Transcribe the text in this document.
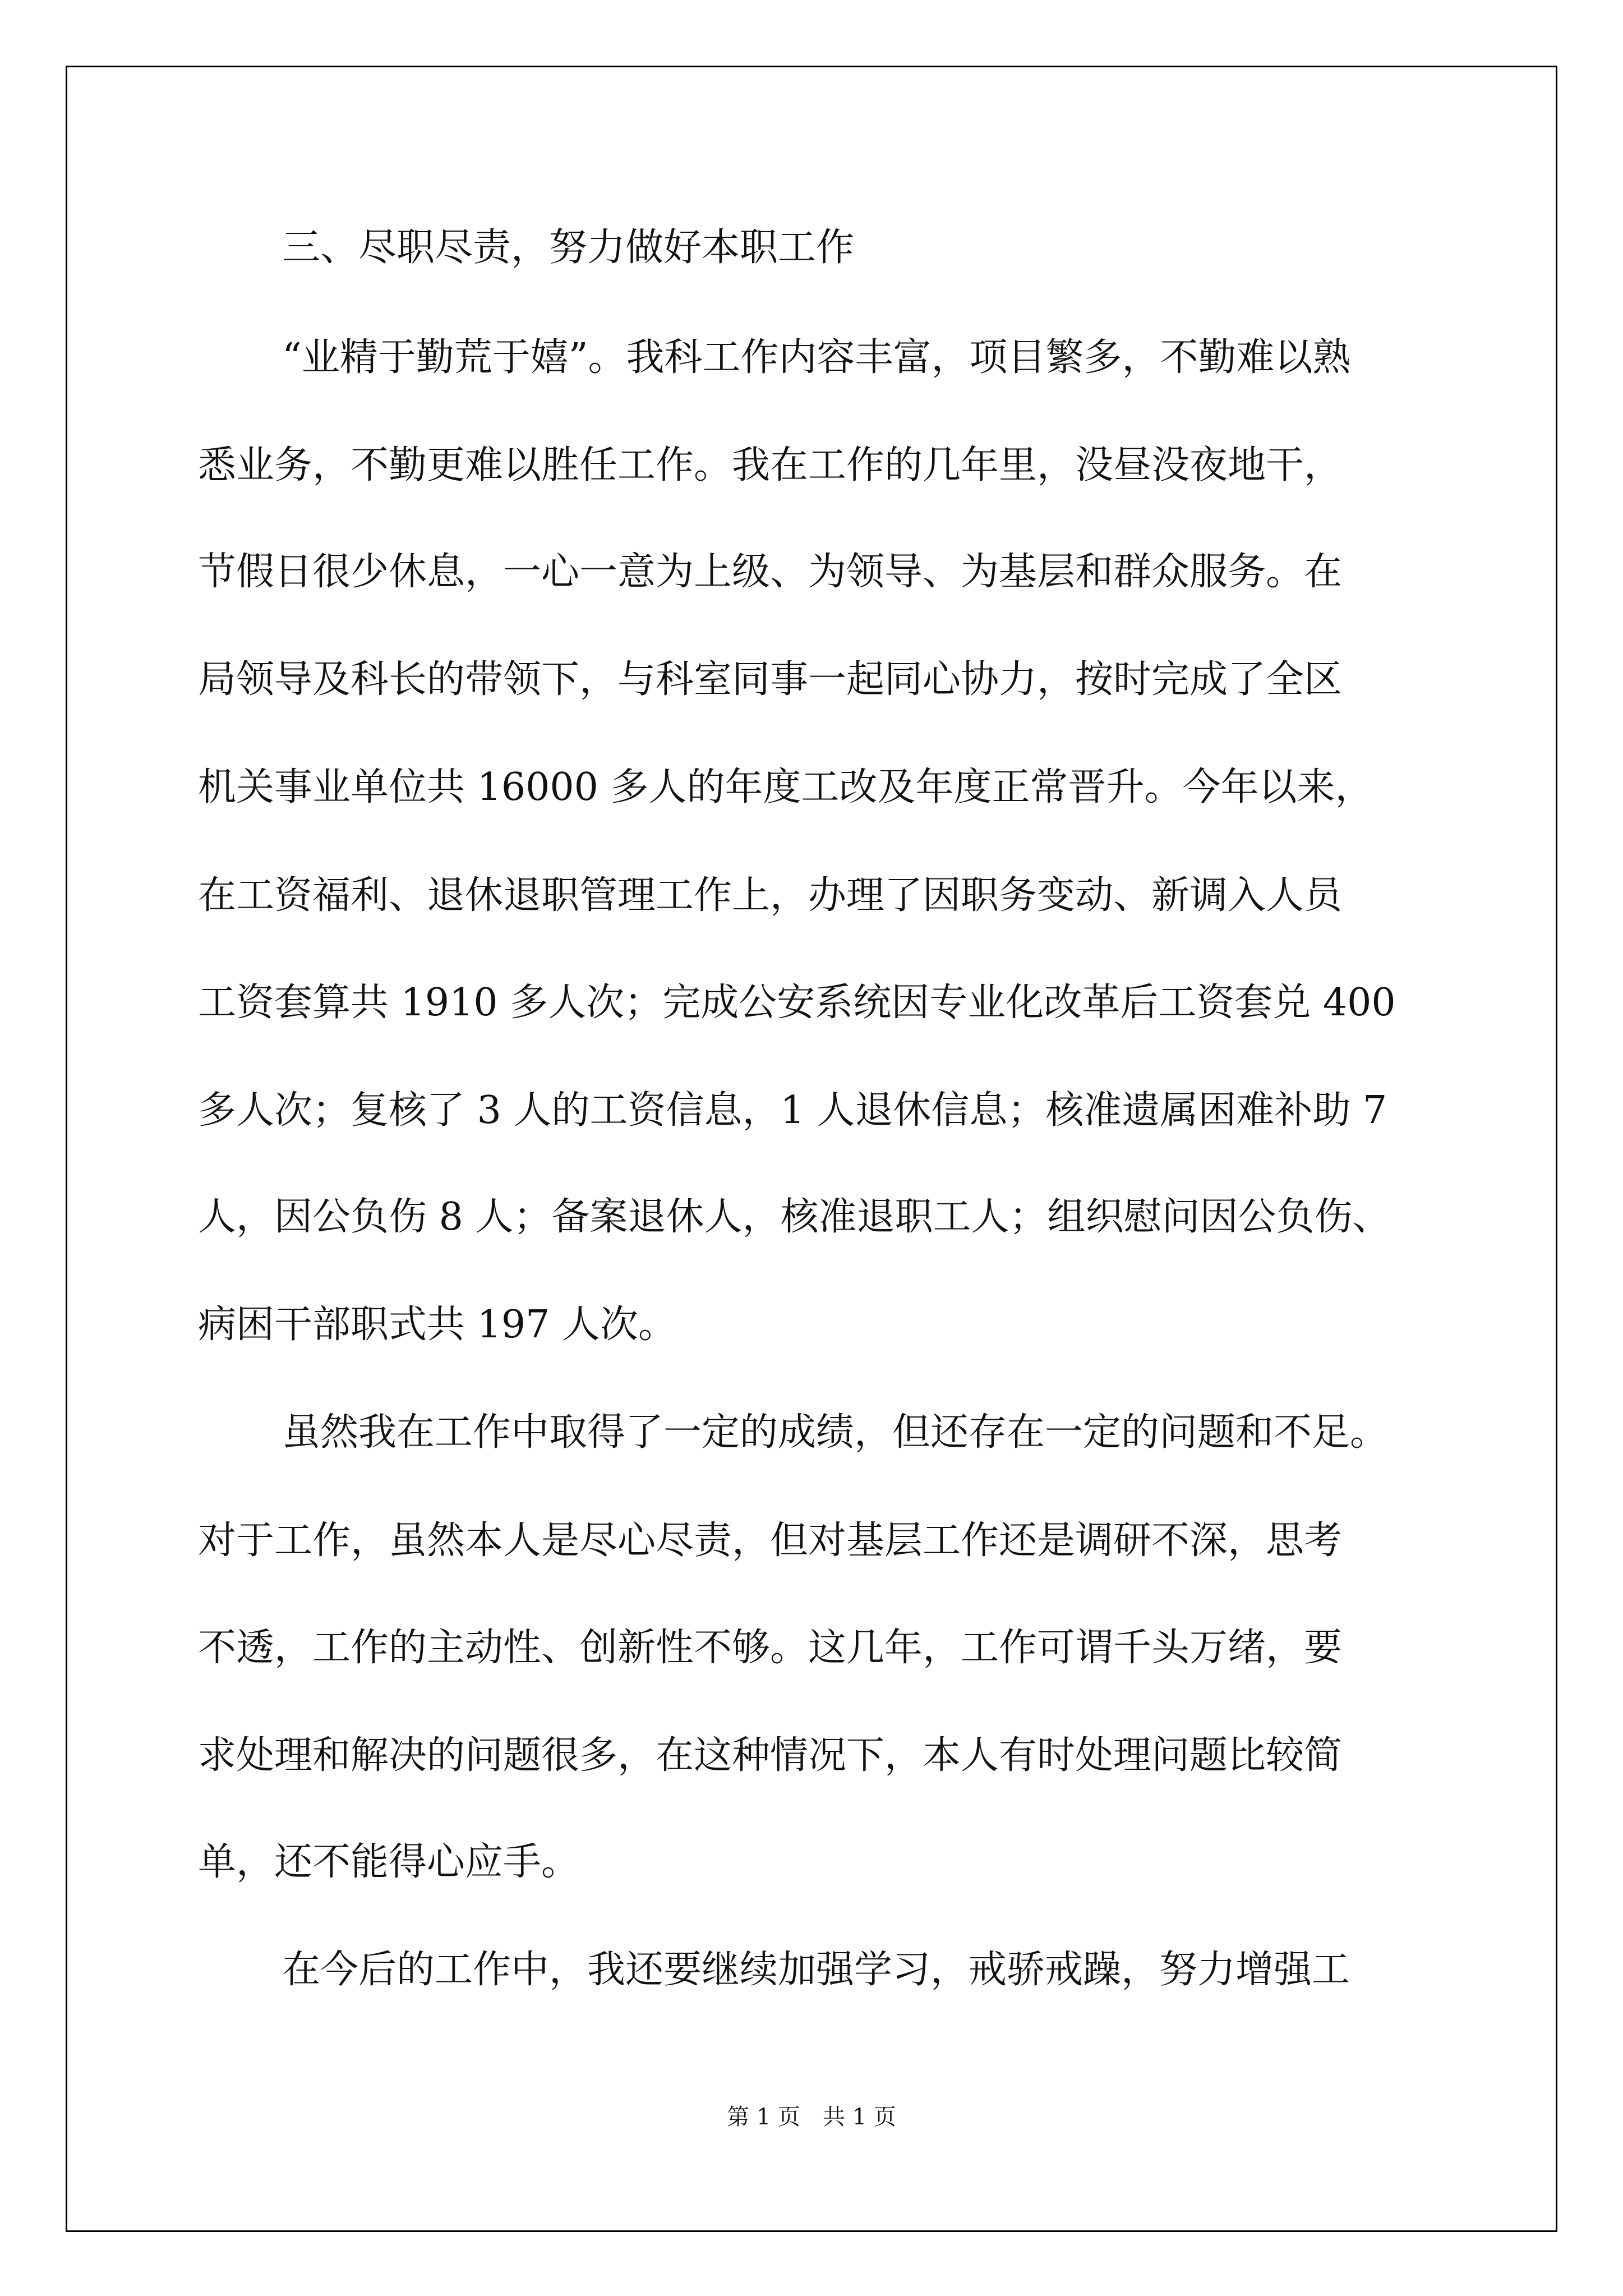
三、尽职尽责，努力做好本职工作
“业精于勤荒于嬉”。我科工作内容丰富，项目繁多，不勤难以熟
悉业务，不勤更难以胜任工作。我在工作的几年里，没昼没夜地干，
节假日很少休息，一心一意为上级、为领导、为基层和群众服务。在
局领导及科长的带领下，与科室同事一起同心协力，按时完成了全区
机关事业单位共 16000 多人的年度工改及年度正常晋升。今年以来，
在工资福利、退休退职管理工作上，办理了因职务变动、新调入人员
工资套算共 1910 多人次；完成公安系统因专业化改革后工资套兑 400
多人次；复核了 3 人的工资信息，1 人退休信息；核准遗属困难补助 7
人，因公负伤 8 人；备案退休人，核准退职工人；组织慰问因公负伤、
病困干部职式共 197 人次。
虽然我在工作中取得了一定的成绩，但还存在一定的问题和不足。
对于工作，虽然本人是尽心尽责，但对基层工作还是调研不深，思考
不透，工作的主动性、创新性不够。这几年，工作可谓千头万绪，要
求处理和解决的问题很多，在这种情况下，本人有时处理问题比较简
单，还不能得心应手。
在今后的工作中，我还要继续加强学习，戒骄戒躁，努力增强工
第 1 页　共 1 页
